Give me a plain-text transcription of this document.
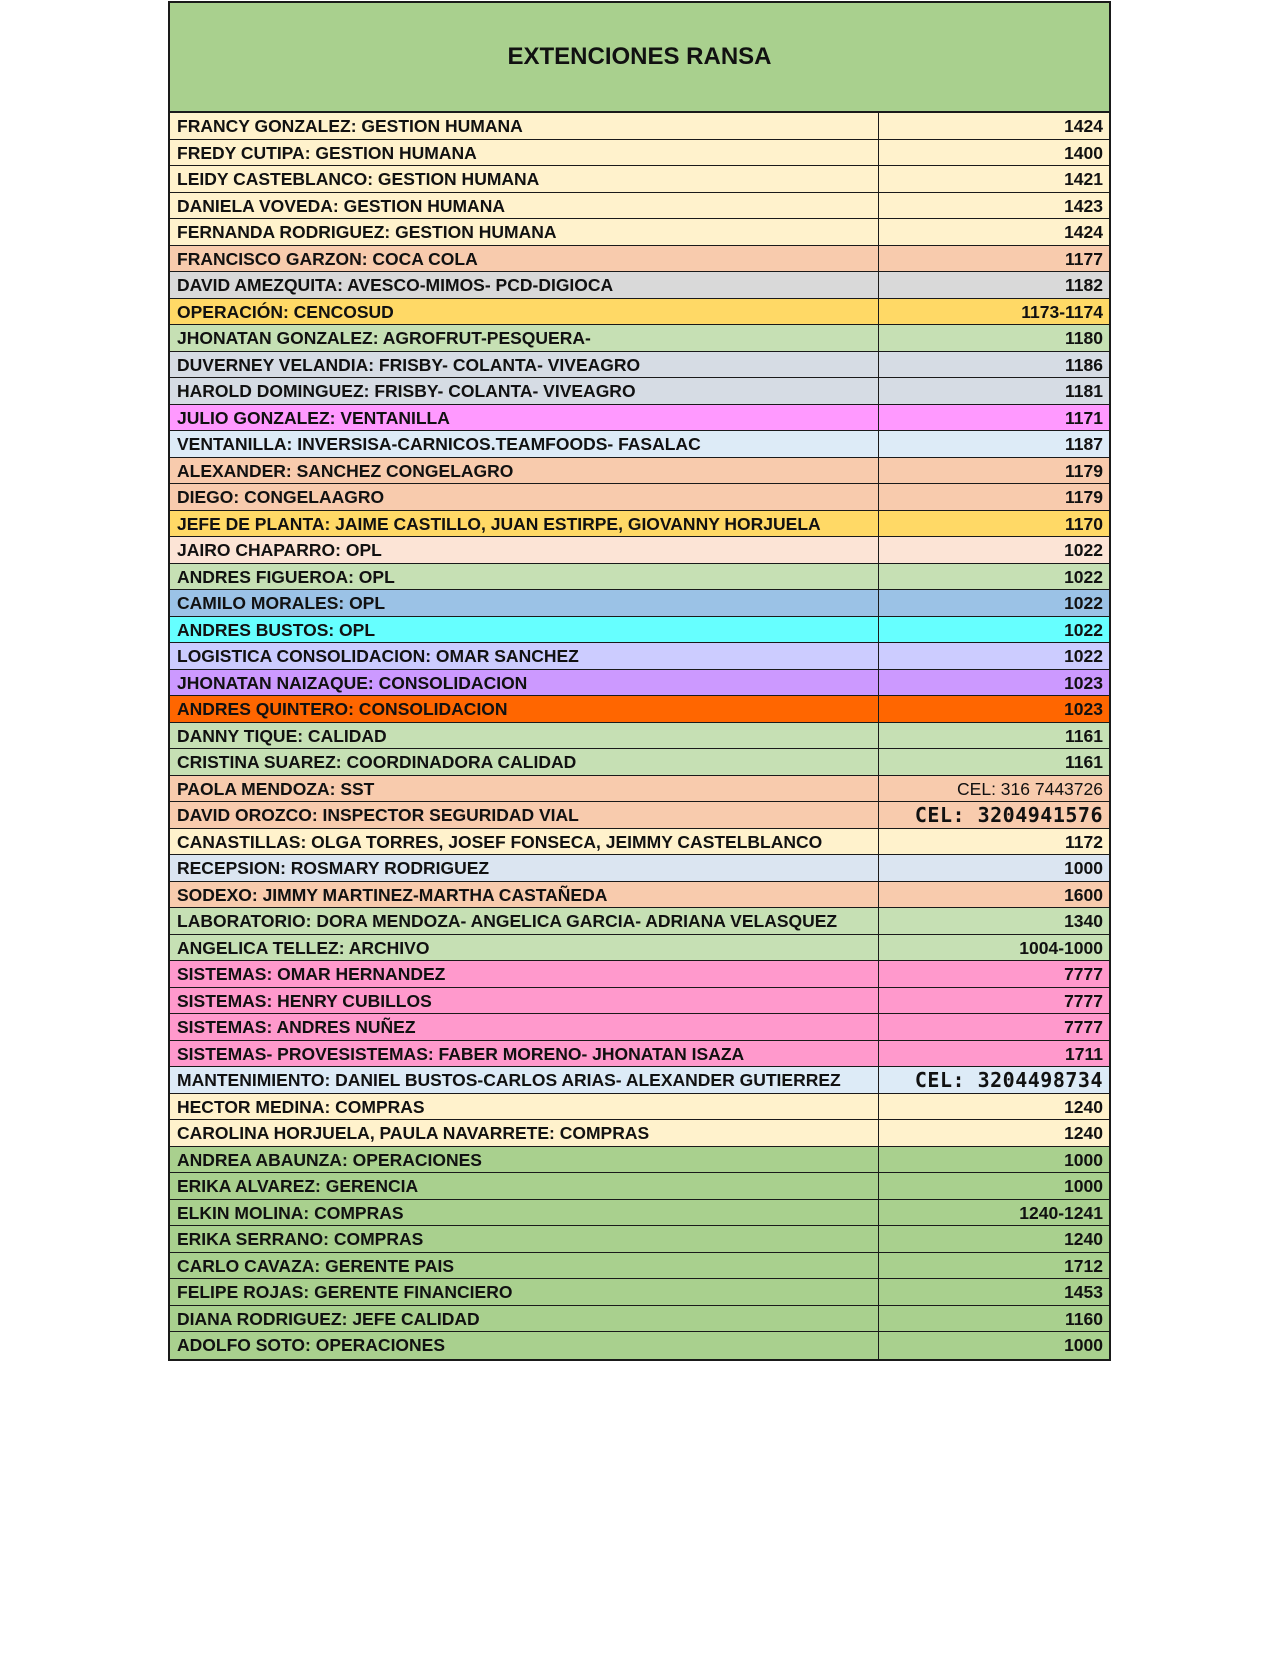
EXTENCIONES RANSA
FRANCY GONZALEZ: GESTION HUMANA	1424
FREDY CUTIPA: GESTION HUMANA	1400
LEIDY CASTEBLANCO: GESTION HUMANA	1421
DANIELA VOVEDA: GESTION HUMANA	1423
FERNANDA RODRIGUEZ: GESTION HUMANA	1424
FRANCISCO GARZON: COCA COLA	1177
DAVID AMEZQUITA: AVESCO-MIMOS- PCD-DIGIOCA	1182
OPERACIÓN: CENCOSUD	1173-1174
JHONATAN GONZALEZ: AGROFRUT-PESQUERA-	1180
DUVERNEY VELANDIA: FRISBY- COLANTA- VIVEAGRO	1186
HAROLD DOMINGUEZ: FRISBY- COLANTA- VIVEAGRO	1181
JULIO GONZALEZ: VENTANILLA	1171
VENTANILLA: INVERSISA-CARNICOS.TEAMFOODS- FASALAC	1187
ALEXANDER: SANCHEZ CONGELAGRO	1179
DIEGO: CONGELAAGRO	1179
JEFE DE PLANTA: JAIME CASTILLO, JUAN ESTIRPE, GIOVANNY HORJUELA	1170
JAIRO CHAPARRO: OPL	1022
ANDRES FIGUEROA: OPL	1022
CAMILO MORALES: OPL	1022
ANDRES BUSTOS: OPL	1022
LOGISTICA CONSOLIDACION: OMAR SANCHEZ	1022
JHONATAN NAIZAQUE: CONSOLIDACION	1023
ANDRES QUINTERO: CONSOLIDACION	1023
DANNY TIQUE: CALIDAD	1161
CRISTINA SUAREZ: COORDINADORA CALIDAD	1161
PAOLA MENDOZA: SST	CEL: 316 7443726
DAVID OROZCO: INSPECTOR SEGURIDAD VIAL	CEL: 3204941576
CANASTILLAS: OLGA TORRES, JOSEF FONSECA, JEIMMY CASTELBLANCO	1172
RECEPSION: ROSMARY RODRIGUEZ	1000
SODEXO: JIMMY MARTINEZ-MARTHA CASTAÑEDA	1600
LABORATORIO: DORA MENDOZA- ANGELICA GARCIA- ADRIANA VELASQUEZ	1340
ANGELICA TELLEZ: ARCHIVO	1004-1000
SISTEMAS: OMAR HERNANDEZ	7777
SISTEMAS: HENRY CUBILLOS	7777
SISTEMAS: ANDRES NUÑEZ	7777
SISTEMAS- PROVESISTEMAS: FABER MORENO- JHONATAN ISAZA	1711
MANTENIMIENTO: DANIEL BUSTOS-CARLOS ARIAS- ALEXANDER GUTIERREZ	CEL: 3204498734
HECTOR MEDINA: COMPRAS	1240
CAROLINA HORJUELA, PAULA NAVARRETE: COMPRAS	1240
ANDREA ABAUNZA: OPERACIONES	1000
ERIKA ALVAREZ: GERENCIA	1000
ELKIN MOLINA: COMPRAS	1240-1241
ERIKA SERRANO: COMPRAS	1240
CARLO CAVAZA: GERENTE PAIS	1712
FELIPE ROJAS: GERENTE FINANCIERO	1453
DIANA RODRIGUEZ: JEFE CALIDAD	1160
ADOLFO SOTO: OPERACIONES	1000
